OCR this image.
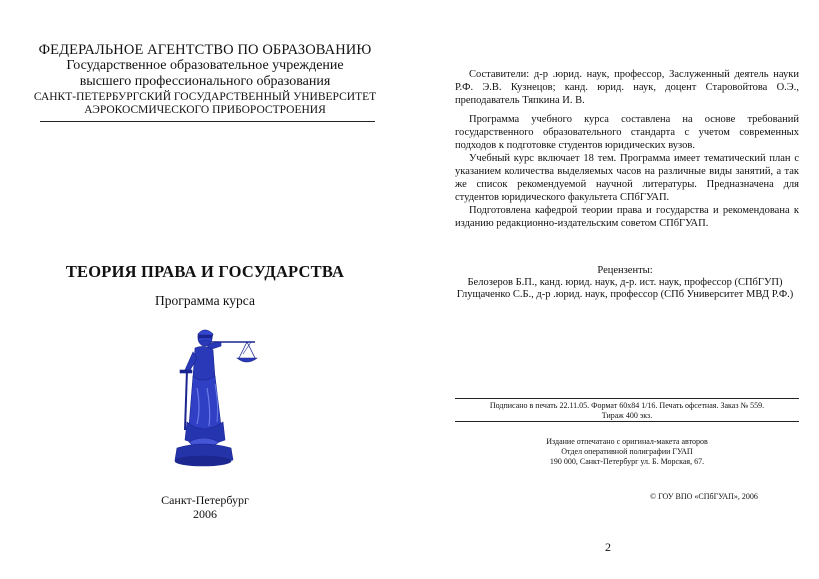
ФЕДЕРАЛЬНОЕ АГЕНТСТВО ПО ОБРАЗОВАНИЮ
Государственное образовательное учреждение
высшего профессионального образования
САНКТ-ПЕТЕРБУРГСКИЙ ГОСУДАРСТВЕННЫЙ УНИВЕРСИТЕТ
АЭРОКОСМИЧЕСКОГО ПРИБОРОСТРОЕНИЯ
ТЕОРИЯ ПРАВА И ГОСУДАРСТВА
Программа курса
Санкт-Петербург
2006
Составители: д-р .юрид. наук, профессор, Заслуженный деятель науки Р.Ф. Э.В. Кузнецов; канд. юрид. наук, доцент Старовойтова О.Э., преподаватель Тяпкина И. В.
Программа учебного курса составлена на основе требований государственного образовательного стандарта с учетом современных подходов к подготовке студентов юридических вузов.
Учебный курс включает 18 тем. Программа имеет тематический план с указанием количества выделяемых часов на различные виды занятий, а так же список рекомендуемой научной литературы. Предназначена для студентов юридического факультета СПбГУАП.
Подготовлена кафедрой теории права и государства и рекомендована к изданию редакционно-издательским советом СПбГУАП.
Рецензенты:
Белозеров Б.П., канд. юрид. наук, д-р. ист. наук, профессор (СПбГУП)
Глущаченко С.Б., д-р .юрид. наук, профессор (СПб Университет МВД Р.Ф.)
Подписано в печать 22.11.05. Формат 60х84 1/16. Печать офсетная. Заказ № 559.
Тираж 400 экз.
Издание отпечатано с оригинал-макета авторов
Отдел оперативной полиграфии ГУАП
190 000, Санкт-Петербург ул. Б. Морская, 67.
© ГОУ ВПО «СПбГУАП», 2006
2
